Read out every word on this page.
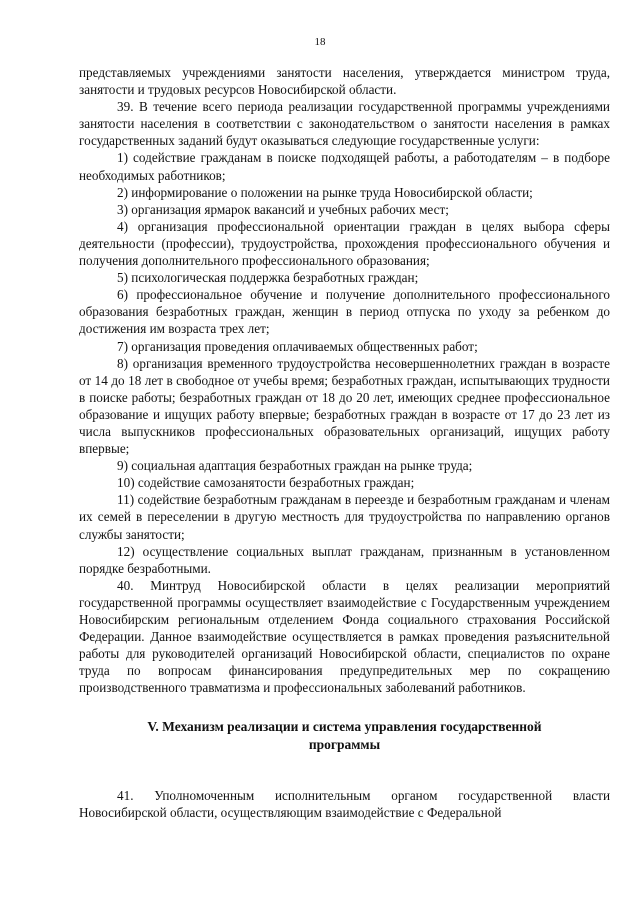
18

представляемых учреждениями занятости населения, утверждается министром труда, занятости и трудовых ресурсов Новосибирской области.

39. В течение всего периода реализации государственной программы учреждениями занятости населения в соответствии с законодательством о занятости населения в рамках государственных заданий будут оказываться следующие государственные услуги:

1) содействие гражданам в поиске подходящей работы, а работодателям – в подборе необходимых работников;

2) информирование о положении на рынке труда Новосибирской области;

3) организация ярмарок вакансий и учебных рабочих мест;

4) организация профессиональной ориентации граждан в целях выбора сферы деятельности (профессии), трудоустройства, прохождения профессионального обучения и получения дополнительного профессионального образования;

5) психологическая поддержка безработных граждан;

6) профессиональное обучение и получение дополнительного профессионального образования безработных граждан, женщин в период отпуска по уходу за ребенком до достижения им возраста трех лет;

7) организация проведения оплачиваемых общественных работ;

8) организация временного трудоустройства несовершеннолетних граждан в возрасте от 14 до 18 лет в свободное от учебы время; безработных граждан, испытывающих трудности в поиске работы; безработных граждан от 18 до 20 лет, имеющих среднее профессиональное образование и ищущих работу впервые; безработных граждан в возрасте от 17 до 23 лет из числа выпускников профессиональных образовательных организаций, ищущих работу впервые;

9) социальная адаптация безработных граждан на рынке труда;

10) содействие самозанятости безработных граждан;

11) содействие безработным гражданам в переезде и безработным гражданам и членам их семей в переселении в другую местность для трудоустройства по направлению органов службы занятости;

12) осуществление социальных выплат гражданам, признанным в установленном порядке безработными.

40. Минтруд Новосибирской области в целях реализации мероприятий государственной программы осуществляет взаимодействие с Государственным учреждением Новосибирским региональным отделением Фонда социального страхования Российской Федерации. Данное взаимодействие осуществляется в рамках проведения разъяснительной работы для руководителей организаций Новосибирской области, специалистов по охране труда по вопросам финансирования предупредительных мер по сокращению производственного травматизма и профессиональных заболеваний работников.

V. Механизм реализации и система управления государственной программы

41. Уполномоченным исполнительным органом государственной власти Новосибирской области, осуществляющим взаимодействие с Федеральной
